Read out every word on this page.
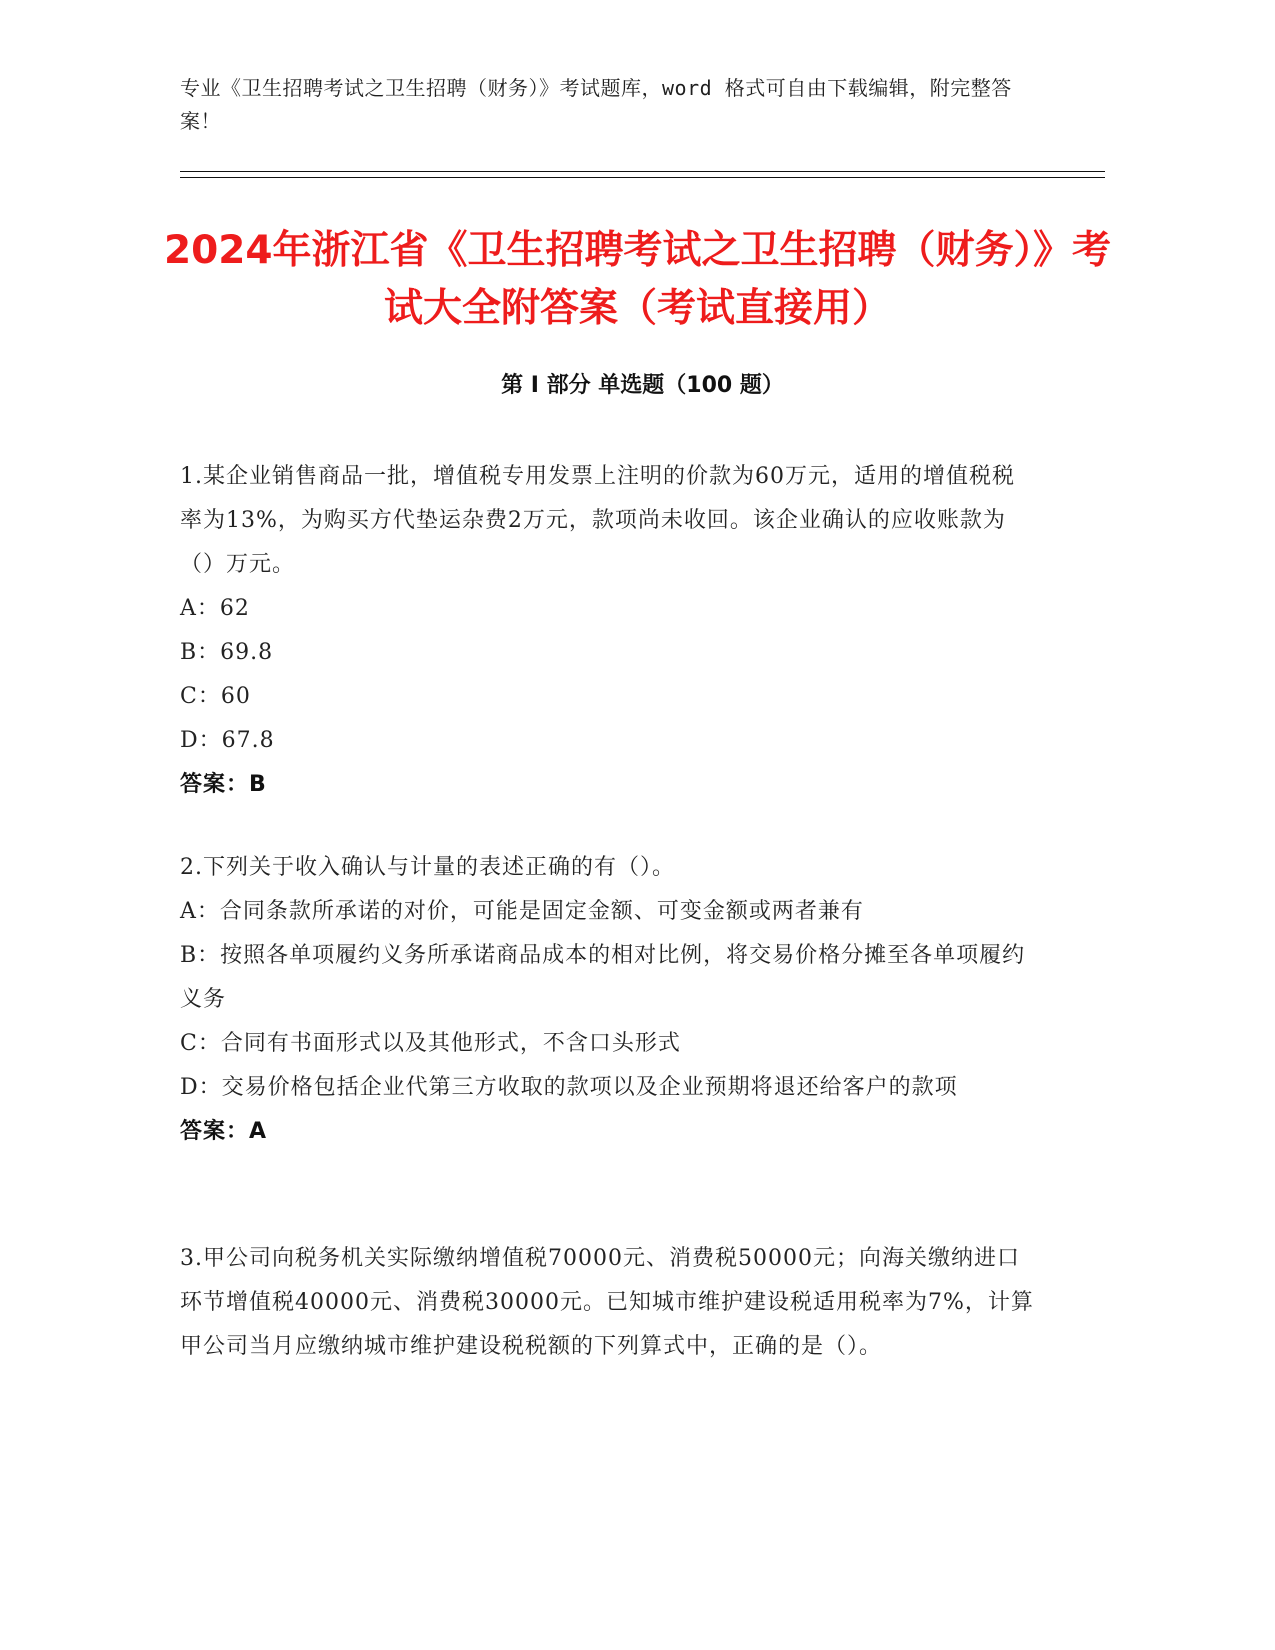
专业《卫生招聘考试之卫生招聘（财务）》考试题库，word 格式可自由下载编辑，附完整答案！
2024年浙江省《卫生招聘考试之卫生招聘（财务）》考试大全附答案（考试直接用）
第 I 部分 单选题（100 题）

1.某企业销售商品一批，增值税专用发票上注明的价款为60万元，适用的增值税税率为13%，为购买方代垫运杂费2万元，款项尚未收回。该企业确认的应收账款为（）万元。

A：62

B：69.8

C：60

D：67.8

答案：B

2.下列关于收入确认与计量的表述正确的有（）。

A：合同条款所承诺的对价，可能是固定金额、可变金额或两者兼有

B：按照各单项履约义务所承诺商品成本的相对比例，将交易价格分摊至各单项履约义务

C：合同有书面形式以及其他形式，不含口头形式

D：交易价格包括企业代第三方收取的款项以及企业预期将退还给客户的款项

答案：A

3.甲公司向税务机关实际缴纳增值税70000元、消费税50000元；向海关缴纳进口环节增值税40000元、消费税30000元。已知城市维护建设税适用税率为7%，计算甲公司当月应缴纳城市维护建设税税额的下列算式中，正确的是（）。
